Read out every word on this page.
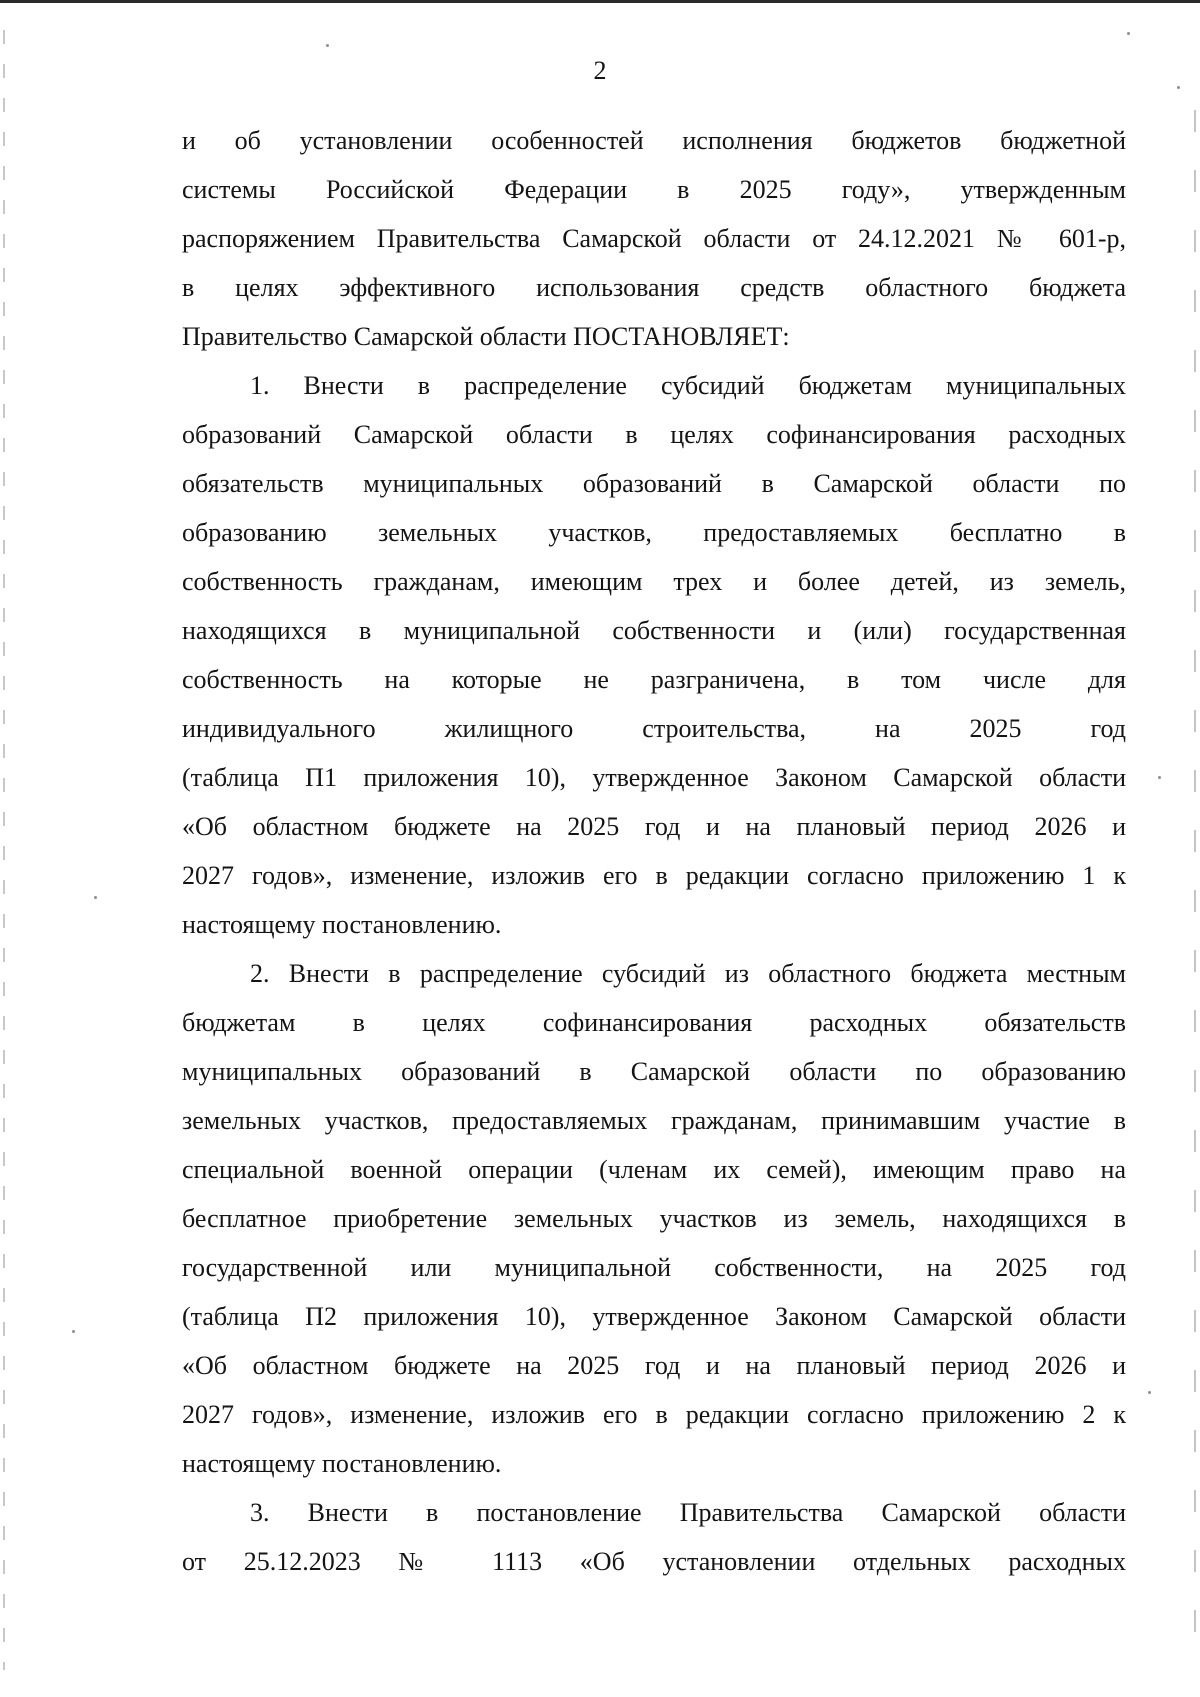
2
и об установлении особенностей исполнения бюджетов бюджетной
системы Российской Федерации в 2025 году», утвержденным
распоряжением Правительства Самарской области от 24.12.2021 № 601-р,
в целях эффективного использования средств областного бюджета
Правительство Самарской области ПОСТАНОВЛЯЕТ:
1. Внести в распределение субсидий бюджетам муниципальных
образований Самарской области в целях софинансирования расходных
обязательств муниципальных образований в Самарской области по
образованию земельных участков, предоставляемых бесплатно в
собственность гражданам, имеющим трех и более детей, из земель,
находящихся в муниципальной собственности и (или) государственная
собственность на которые не разграничена, в том числе для
индивидуального жилищного строительства, на 2025 год
(таблица П1 приложения 10), утвержденное Законом Самарской области
«Об областном бюджете на 2025 год и на плановый период 2026 и
2027 годов», изменение, изложив его в редакции согласно приложению 1 к
настоящему постановлению.
2. Внести в распределение субсидий из областного бюджета местным
бюджетам в целях софинансирования расходных обязательств
муниципальных образований в Самарской области по образованию
земельных участков, предоставляемых гражданам, принимавшим участие в
специальной военной операции (членам их семей), имеющим право на
бесплатное приобретение земельных участков из земель, находящихся в
государственной или муниципальной собственности, на 2025 год
(таблица П2 приложения 10), утвержденное Законом Самарской области
«Об областном бюджете на 2025 год и на плановый период 2026 и
2027 годов», изменение, изложив его в редакции согласно приложению 2 к
настоящему постановлению.
3. Внести в постановление Правительства Самарской области
от 25.12.2023 № 1113 «Об установлении отдельных расходных
